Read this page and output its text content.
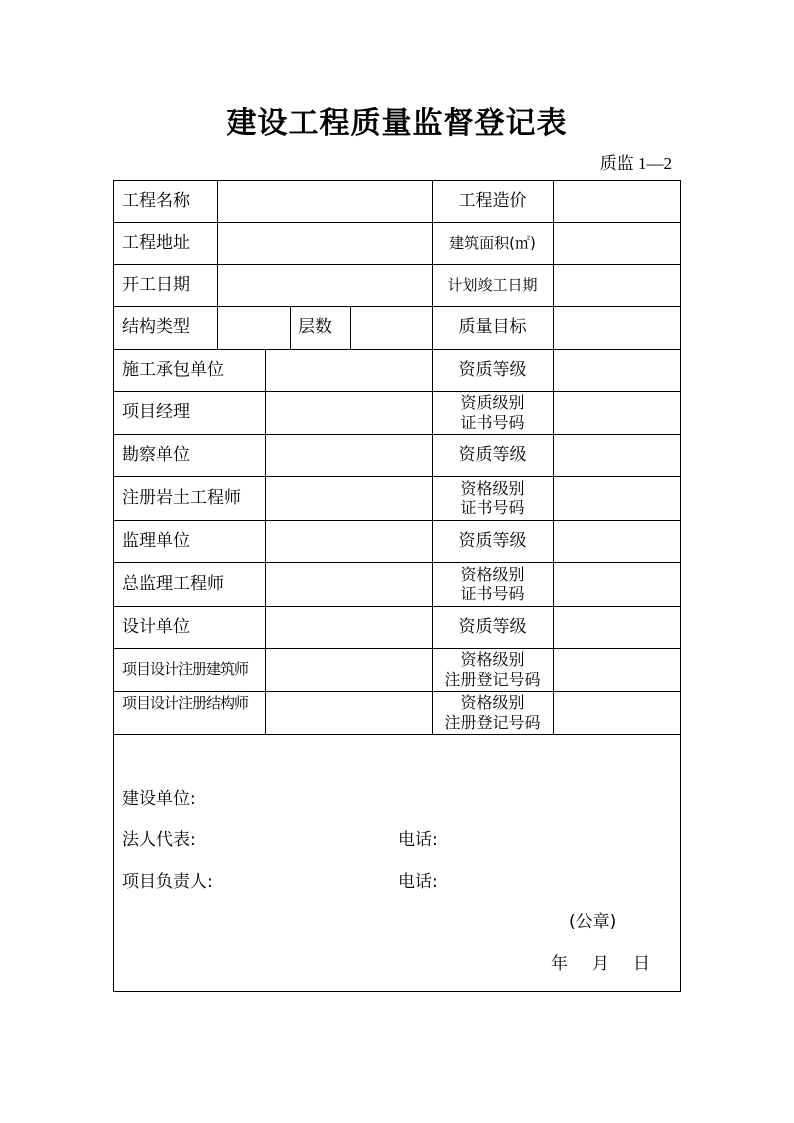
建设工程质量监督登记表
质监 1—2
工程名称	工程造价
工程地址	建筑面积(㎡)
开工日期	计划竣工日期
结构类型	层数	质量目标
施工承包单位	资质等级
项目经理	资质级别
证书号码
勘察单位	资质等级
注册岩土工程师	资格级别
证书号码
监理单位	资质等级
总监理工程师	资格级别
证书号码
设计单位	资质等级
项目设计注册建筑师	资格级别
注册登记号码
项目设计注册结构师	资格级别
注册登记号码
建设单位:
法人代表:	电话:
项目负责人:	电话:
(公章)
年 月 日
